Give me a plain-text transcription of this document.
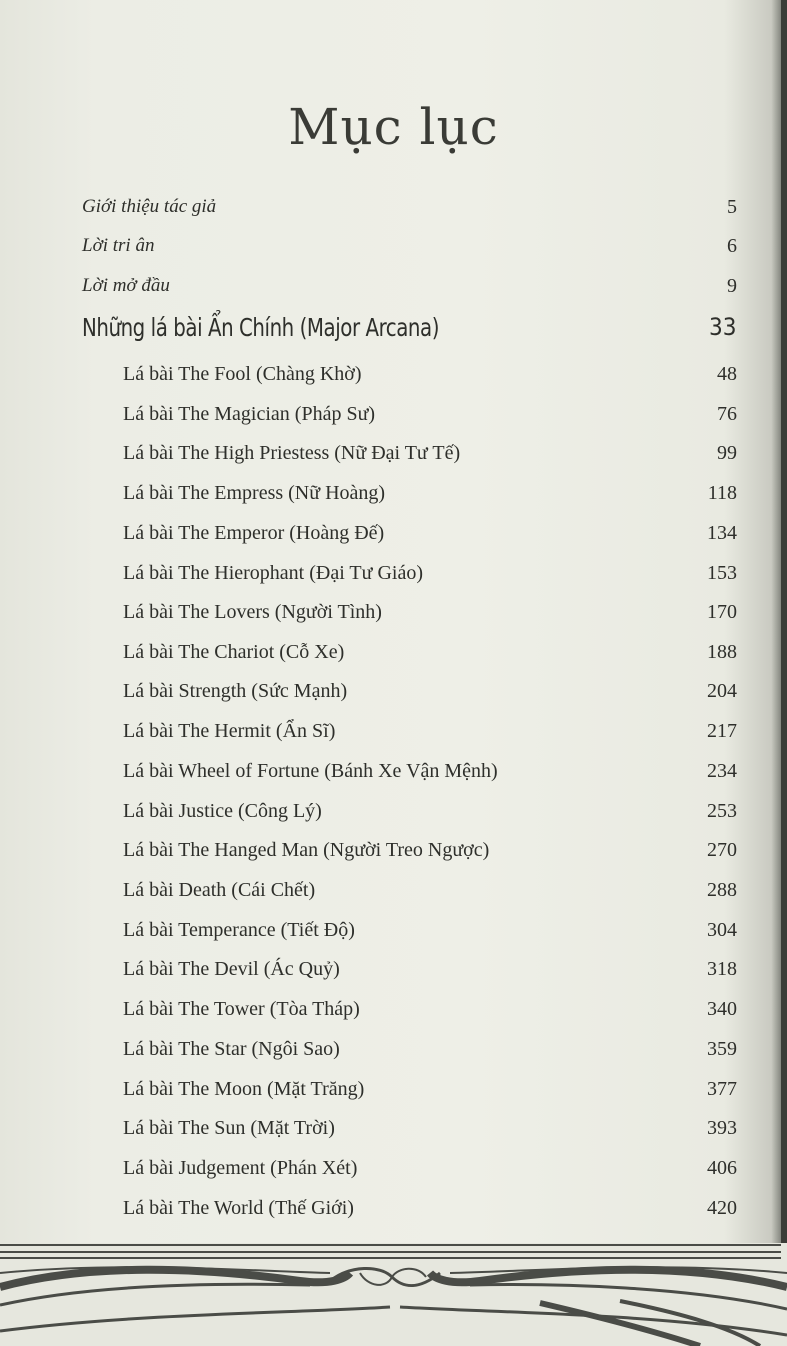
Mục lục
Giới thiệu tác giả	5
Lời tri ân	6
Lời mở đầu	9
Những lá bài Ẩn Chính (Major Arcana)	33
Lá bài The Fool (Chàng Khờ)	48
Lá bài The Magician (Pháp Sư)	76
Lá bài The High Priestess (Nữ Đại Tư Tế)	99
Lá bài The Empress (Nữ Hoàng)	118
Lá bài The Emperor (Hoàng Đế)	134
Lá bài The Hierophant (Đại Tư Giáo)	153
Lá bài The Lovers (Người Tình)	170
Lá bài The Chariot (Cỗ Xe)	188
Lá bài Strength (Sức Mạnh)	204
Lá bài The Hermit (Ẩn Sĩ)	217
Lá bài Wheel of Fortune (Bánh Xe Vận Mệnh)	234
Lá bài Justice (Công Lý)	253
Lá bài The Hanged Man (Người Treo Ngược)	270
Lá bài Death (Cái Chết)	288
Lá bài Temperance (Tiết Độ)	304
Lá bài The Devil (Ác Quỷ)	318
Lá bài The Tower (Tòa Tháp)	340
Lá bài The Star (Ngôi Sao)	359
Lá bài The Moon (Mặt Trăng)	377
Lá bài The Sun (Mặt Trời)	393
Lá bài Judgement (Phán Xét)	406
Lá bài The World (Thế Giới)	420
